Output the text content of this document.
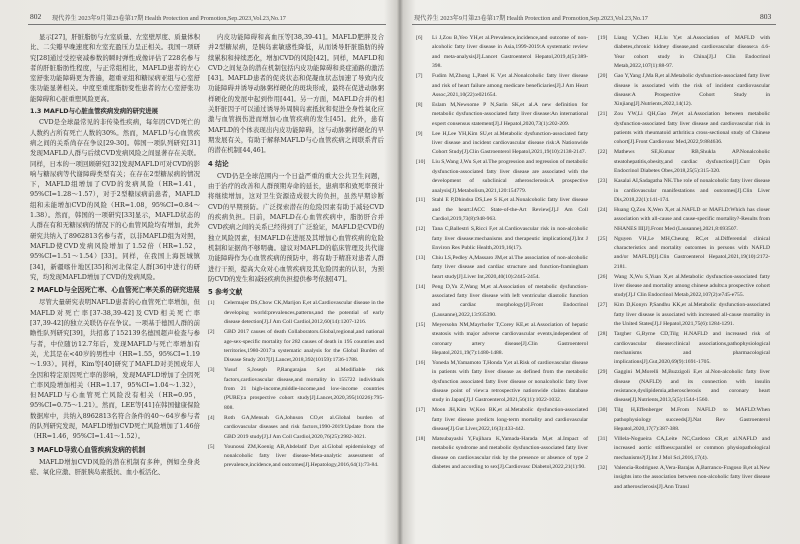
802 现代养生 2023年9月第23卷第17期 Health Protection and Promotion,Sep.2023,Vol.23,No.17

显示[27]，肝脏脂肪与左室质量、左室壁厚度、质量体积比、二尖瓣早晚速度和左室充盈压力呈正相关。我国一项研究[28]通过受控衰减参数的瞬时弹性成像评估了228名参与者的肝脏脂肪性程度，与正常组相比，MAFLD患者的左心室舒张功能障碍更为普遍，超重亚组和糖尿病亚组与心室舒张功能显著相关。中度至重度脂肪变性患者的左心室舒张功能障碍和心脏重塑风险更高。

1.3 MAFLD与心脏血管疾病发病的研究进展

CVD是全球最常见的非传染性疾病，每年因CVD死亡的人数约占所有死亡人数的30%。然而，MAFLD与心血管疾病之间的关系尚存在争议[29-30]。韩国一项队列研究[31]发现MAFLD人群与后续CVD发病风险之间显著存在关联。同样，日本的一项回顾研究[32]发现MAFLD可对CVD的影响与糖尿病等代谢障碍类型有关；在存在2型糖尿病的情况下，MAFLD组增加了CVD的发病风险（HR=1.41，95%CI=1.28～1.57），对于2型糖尿病前患者，MAFLD组和未能增加CVD的风险（HR=1.08，95%CI=0.84～1.38）。然而，韩国的一项研究[33]显示，MAFLD状态的人群在有和无糖尿病的情况下的心血管风险均有增加，此外研究共纳入了8962813名参与者，以非MAFLD组为对照，MAFLD使CVD发病风险增加了1.52倍（HR=1.52，95%CI=1.51～1.54）[33]。同样，在我国上海医城镇[34]，新疆喀什地区[35]和河北保定人群[36]中进行的研究，均发现MAFLD增加了CVD的发病风险。

2 MAFLD与全因死亡率、心血管死亡率关系的研究进展

尽管大量研究表明NAFLD患者的心血管死亡率增加，但MAFLD对死亡率[37-38,39-42]及CVD相关死亡率[37,39-42]的独立关联仍存在争议。一项基于德国人群的前瞻性队列研究[39]，共招募了152139名德国超声检查与参与者，中位随访12.7年后，发现MAFLD与死亡率增加有关，尤其是在<40岁的男性中（HR=1.55，95%CI=1.19～1.93）。同样，Kim等[40]研究了MAFLD对美国成年人全因和特定原因死亡率的影响，发现MAFLD增加了全因死亡率风险增加相关（HR=1.17，95%CI=1.04～1.32），但MAFLD与心血管死亡风险没有相关（HR=0.95，95%CI=0.75～1.21）。然而，LEE等[41]在韩国健康保险数据库中，共纳入8962813名符合条件的40～64岁参与者的队列研究发现，MAFLD增加CVD死亡风险增加了1.46倍（HR=1.46，95%CI=1.41～1.52）。

3 MAFLD导致心血管疾病发病的机制

MAFLD增加CVD风险的潜在机制有多种，例如全身炎症、氧化应激、肝脏胰岛素抵抗、血小板活化、

内皮功能障碍和高血压等[38,39-41]。MAFLD肥胖及合并2型糖尿病，是胰岛素敏感性降低，从而诱导肝脏脂肪的持续累积和持续恶化，增加CVD的风险[42]。同样，MAFLD和CVD之间复杂的潜在机制包括内皮功能障碍和炎症通路的激活[43]。MAFLD患者的促炎状态和促凝血状态加速了导致内皮功能障碍并诱导动脉粥样硬化的斑块形成，最终在促进动脉粥样硬化的发展中起到作用[44]。另一方面，MAFLD合并的相关肝脏因子可以通过诱导外周胰岛素抵抗和促进全身性氧化应激与血管损伤进而增加心血管疾病的发生[45]。此外，患有MAFLD的个体表现出内皮功能障碍，这与动脉粥样硬化的早期发展有关，有助于解释MAFLD与心血管疾病之间联系背后的潜在机制[44,46]。

4 结论

CVD仍是全球范围内一个日益严重的重大公共卫生问题，由于治疗的改善和人群预期寿命的延长，患病率和致死率预计将继续增加，这对卫生资源造成很大的负担，虽然早期诊断CVD的早期预防。广泛探索潜在的危险因素有助于减轻CVD的疾病负担。目前，MAFLD在心血管疾病中，脂肪肝合并CVD疾病之间的关系已经得到了广泛验证，MAFLD是CVD的独立风险因素，但MAFLD在进展及其增加心血管疾病的危险机制和证据尚不够明确。建议对MAFLD的临床管理及共代谢功能障碍作为心血管疾病的预防中，将有助于精准对患者人群进行干预，提高大众对心血管疾病及其危险因素的认识，为预防CVD的发生和减轻疾病负担提供参考依据[47]。

5 参考文献
[1]	Celermajer DS,Chow CK,Marijon E,et al.Cardiovascular disease in the developing world:prevalences,patterns,and the potential of early disease detection[J].J Am Coll Cardiol,2012,60(14):1207-1216.
[2]	GBD 2017 causes of death Collaborators.Global,regional,and national age-sex-specific mortality for 282 causes of death in 195 countries and territories,1980-2017:a systematic analysis for the Global Burden of Disease Study 2017[J].Lancet,2018,392(10159):1736-1788.
[3]	Yusuf S,Joseph P,Rangarajan S,et al.Modifiable risk factors,cardiovascular disease,and mortality in 155722 individuals from 21 high-income,middle-income,and low-income countries (PURE):a prospective cohort study[J].Lancet,2020,395(10226):795-808.
[4]	Roth GA,Mensah GA,Johnson CO,et al.Global burden of cardiovascular diseases and risk factors,1990-2019:Update from the GBD 2019 study[J].J Am Coll Cardiol,2020,76(25):2982-3021.
[5]	Younossi ZM,Koenig AB,Abdelatif D,et al.Global epidemiology of nonalcoholic fatty liver disease-Meta-analytic assessment of prevalence,incidence,and outcomes[J].Hepatology,2016,64(1):73-84.
现代养生 2023年9月第23卷第17期 Health Protection and Promotion,Sep.2023,Vol.23,No.17	803
[6]	Li J,Zou B,Yeo YH,et al.Prevalence,incidence,and outcome of non-alcoholic fatty liver disease in Asia,1999-2019:A systematic review and meta-analysis[J].Lancet Gastroenterol Hepatol,2019,4(5):389-398.
[7]	Fudim M,Zhong L,Patel K V,et al.Nonalcoholic fatty liver disease and risk of heart failure among medicare beneficiaries[J].J Am Heart Assoc,2021,10(22):e021654.
[8]	Eslam M,Newsome P N,Sarin SK,et al.A new definition for metabolic dysfunction-associated fatty liver disease:An international expert consensus statement[J].J Hepatol,2020,73(1):202-209.
[9]	Lee H,Lee YH,Kim SU,et al.Metabolic dysfunction-associated fatty liver disease and incident cardiovascular disease risk:A Nationwide Cohort Study[J].Clin Gastroenterol Hepatol,2021,19(10):2138-2147.
[10]	Liu S,Wang J,Wu S,et al.The progression and regression of metabolic dysfunction-associated fatty liver disease are associated with the development of subclinical atherosclerosis:A prospective analysis[J].Metabolism,2021,120:154779.
[11]	Stahl E P,Dhindsa DS,Lee S K,et al.Nonalcoholic fatty liver disease and the heart:JACC State-of-the-Art Review[J].J Am Coll Cardiol,2019,73(8):948-963.
[12]	Tana C,Ballestri S,Ricci F,et al.Cardiovascular risk in non-alcoholic fatty liver disease:mechanisms and therapeutic implications[J].Int J Environ Res Public Health,2019,16(17).
[13]	Chiu LS,Pedley A,Massaro JM,et al.The association of non-alcoholic fatty liver disease and cardiac structure and function-framingham heart study[J].Liver Int,2020,40(10):2445-2454.
[14]	Peng D,Yu Z,Wang M,et al.Association of metabolic dysfunction-associated fatty liver disease with left ventricular diastolic function and cardiac morphology[J].Front Endocrinol (Lausanne),2022,13:935390.
[15]	Meyersohn NM,Mayrhofer T,Corey KE,et al.Association of hepatic steatosis with major adverse cardiovascular events,independent of coronary artery disease[J].Clin Gastroenterol Hepatol,2021,19(7):1480-1488.
[16]	Yoneda M,Yamamoto T,Honda Y,et al.Risk of cardiovascular disease in patients with fatty liver disease as defined from the metabolic dysfunction associated fatty liver disease or nonalcoholic fatty liver disease point of view:a retrospective nationwide claims database study in Japan[J].J Gastroenterol,2021,56(11):1022-1032.
[17]	Moon JH,Kim W,Koo BK,et al.Metabolic dysfunction-associated fatty liver disease predicts long-term mortality and cardiovascular disease[J].Gut Liver,2022,16(3):433-442.
[18]	Matsubayashi Y,Fujihara K,Yamada-Harada M,et al.Impact of metabolic syndrome and metabolic dysfunction-associated fatty liver disease on cardiovascular risk by the presence or absence of type 2 diabetes and according to sex[J].Cardiovasc Diabetol,2022,21(1):90.
[19]	Liang Y,Chen H,Liu Y,et al.Association of MAFLD with diabetes,chronic kidney disease,and cardiovascular disease:a 4.6-Year cohort study in China[J].J Clin Endocrinol Metab,2022,107(1):88-97.
[20]	Gao Y,Yang J,Ma R,et al.Metabolic dysfunction-associated fatty liver disease is associated with the risk of incident cardiovascular disease:A Prospective Cohort Study in Xinjiang[J].Nutrients,2022,14(12).
[21]	Zou YW,Li QH,Gao JW,et al.Association between metabolic dysfunction-associated fatty liver disease and cardiovascular risk in patients with rheumatoid arthritis:a cross-sectional study of Chinese cohort[J].Front Cardiovasc Med,2022,9:884636.
[22]	Mathews SE,Kumar RB,Shukla AP.Nonalcoholic steatohepatitis,obesity,and cardiac dysfunction[J].Curr Opin Endocrinol Diabetes Obes,2018,25(5):315-320.
[23]	Kasalai AI,Sadagatha NK.The role of nonalcoholic fatty liver disease in cardiovascular manifestations and outcomes[J].Clin Liver Dis,2018,22(1):141-174.
[24]	Huang Q,Zou X,Wen X,et al.NAFLD or MAFLD:Which has closer association with all-cause and cause-specific mortality?-Results from NHANES III[J].Front Med (Lausanne),2021,8:693507.
[25]	Nguyen VH,Le MH,Cheung RC,et al.Differential clinical characteristics and mortality outcomes in persons with NAFLD and/or MAFLD[J].Clin Gastroenterol Hepatol,2021,19(10):2172-2181.
[26]	Wang X,Wu S,Yuan X,et al.Metabolic dysfunction-associated fatty liver disease and mortality among chinese adults:a prospective cohort study[J].J Clin Endocrinol Metab,2022,107(2):e745-e755.
[27]	Kim D,Konyn P,Sandhu KK,et al.Metabolic dysfunction-associated fatty liver disease is associated with increased all-cause mortality in the United States[J].J Hepatol,2021,75(6):1284-1291.
[28]	Targher G,Byrne CD,Tilg H.NAFLD and increased risk of cardiovascular disease:clinical associations,pathophysiological mechanisms and pharmacological implications[J].Gut,2020,69(9):1691-1705.
[29]	Gaggini M,Morelli M,Buzzigoli E,et al.Non-alcoholic fatty liver disease (NAFLD) and its connection with insulin resistance,dyslipidemia,atherosclerosis and coronary heart disease[J].Nutrients,2013,5(5):1544-1560.
[30]	Tilg H,Effenberger M.From NAFLD to MAFLD:When pathophysiology succeeds[J].Nat Rev Gastroenterol Hepatol,2020,17(7):387-388.
[31]	Villela-Nogueira CA,Leite NC,Cardoso CR,et al.NAFLD and increased aortic stiffness:parallel or common physiopathological mechanisms?[J].Int J Mol Sci,2016,17(4).
[32]	Valencia-Rodriguez A,Vera-Barajas A,Barranco-Fragoso B,et al.New insights into the association between non-alcoholic fatty liver disease and atherosclerosis[J].Ann Transl
